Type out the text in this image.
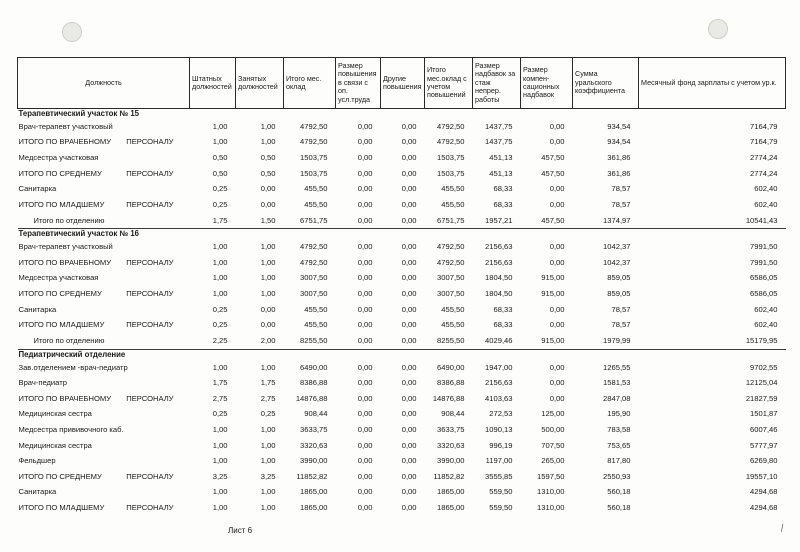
Должность	Штатных должностей	Занятых должностей	Итого мес. оклад	Размер повышения в связи с оп. усл.труда	Другие повышения	Итого мес.оклад с учетом повышений	Размер надбавок за стаж непрер. работы	Размер компен- сационных надбавок	Сумма уральского коэффициента	Месячный фонд зарплаты с учетом ур.к.
Терапевтический участок № 15										

Врач-терапевт участковый	1,00	1,00	4792,50	0,00	0,00	4792,50	1437,75	0,00	934,54	7164,79

ИТОГО ПО ВРАЧЕБНОМУ ПЕРСОНАЛУ	1,00	1,00	4792,50	0,00	0,00	4792,50	1437,75	0,00	934,54	7164,79

Медсестра участковая	0,50	0,50	1503,75	0,00	0,00	1503,75	451,13	457,50	361,86	2774,24

ИТОГО ПО СРЕДНЕМУ ПЕРСОНАЛУ	0,50	0,50	1503,75	0,00	0,00	1503,75	451,13	457,50	361,86	2774,24

Санитарка	0,25	0,00	455,50	0,00	0,00	455,50	68,33	0,00	78,57	602,40

ИТОГО ПО МЛАДШЕМУ ПЕРСОНАЛУ	0,25	0,00	455,50	0,00	0,00	455,50	68,33	0,00	78,57	602,40

Итого по отделению	1,75	1,50	6751,75	0,00	0,00	6751,75	1957,21	457,50	1374,97	10541,43
Терапевтический участок № 16										

Врач-терапевт участковый	1,00	1,00	4792,50	0,00	0,00	4792,50	2156,63	0,00	1042,37	7991,50

ИТОГО ПО ВРАЧЕБНОМУ ПЕРСОНАЛУ	1,00	1,00	4792,50	0,00	0,00	4792,50	2156,63	0,00	1042,37	7991,50

Медсестра участковая	1,00	1,00	3007,50	0,00	0,00	3007,50	1804,50	915,00	859,05	6586,05

ИТОГО ПО СРЕДНЕМУ ПЕРСОНАЛУ	1,00	1,00	3007,50	0,00	0,00	3007,50	1804,50	915,00	859,05	6586,05

Санитарка	0,25	0,00	455,50	0,00	0,00	455,50	68,33	0,00	78,57	602,40

ИТОГО ПО МЛАДШЕМУ ПЕРСОНАЛУ	0,25	0,00	455,50	0,00	0,00	455,50	68,33	0,00	78,57	602,40

Итого по отделению	2,25	2,00	8255,50	0,00	0,00	8255,50	4029,46	915,00	1979,99	15179,95
Педиатрический отделение										

Зав.отделением -врач-педиатр	1,00	1,00	6490,00	0,00	0,00	6490,00	1947,00	0,00	1265,55	9702,55

Врач-педиатр	1,75	1,75	8386,88	0,00	0,00	8386,88	2156,63	0,00	1581,53	12125,04

ИТОГО ПО ВРАЧЕБНОМУ ПЕРСОНАЛУ	2,75	2,75	14876,88	0,00	0,00	14876,88	4103,63	0,00	2847,08	21827,59

Медицинская сестра	0,25	0,25	908,44	0,00	0,00	908,44	272,53	125,00	195,90	1501,87

Медсестра прививочного каб.	1,00	1,00	3633,75	0,00	0,00	3633,75	1090,13	500,00	783,58	6007,46

Медицинская сестра	1,00	1,00	3320,63	0,00	0,00	3320,63	996,19	707,50	753,65	5777,97

Фельдшер	1,00	1,00	3990,00	0,00	0,00	3990,00	1197,00	265,00	817,80	6269,80

ИТОГО ПО СРЕДНЕМУ ПЕРСОНАЛУ	3,25	3,25	11852,82	0,00	0,00	11852,82	3555,85	1597,50	2550,93	19557,10

Санитарка	1,00	1,00	1865,00	0,00	0,00	1865,00	559,50	1310,00	560,18	4294,68

ИТОГО ПО МЛАДШЕМУ ПЕРСОНАЛУ	1,00	1,00	1865,00	0,00	0,00	1865,00	559,50	1310,00	560,18	4294,68
Лист 6	⁄
